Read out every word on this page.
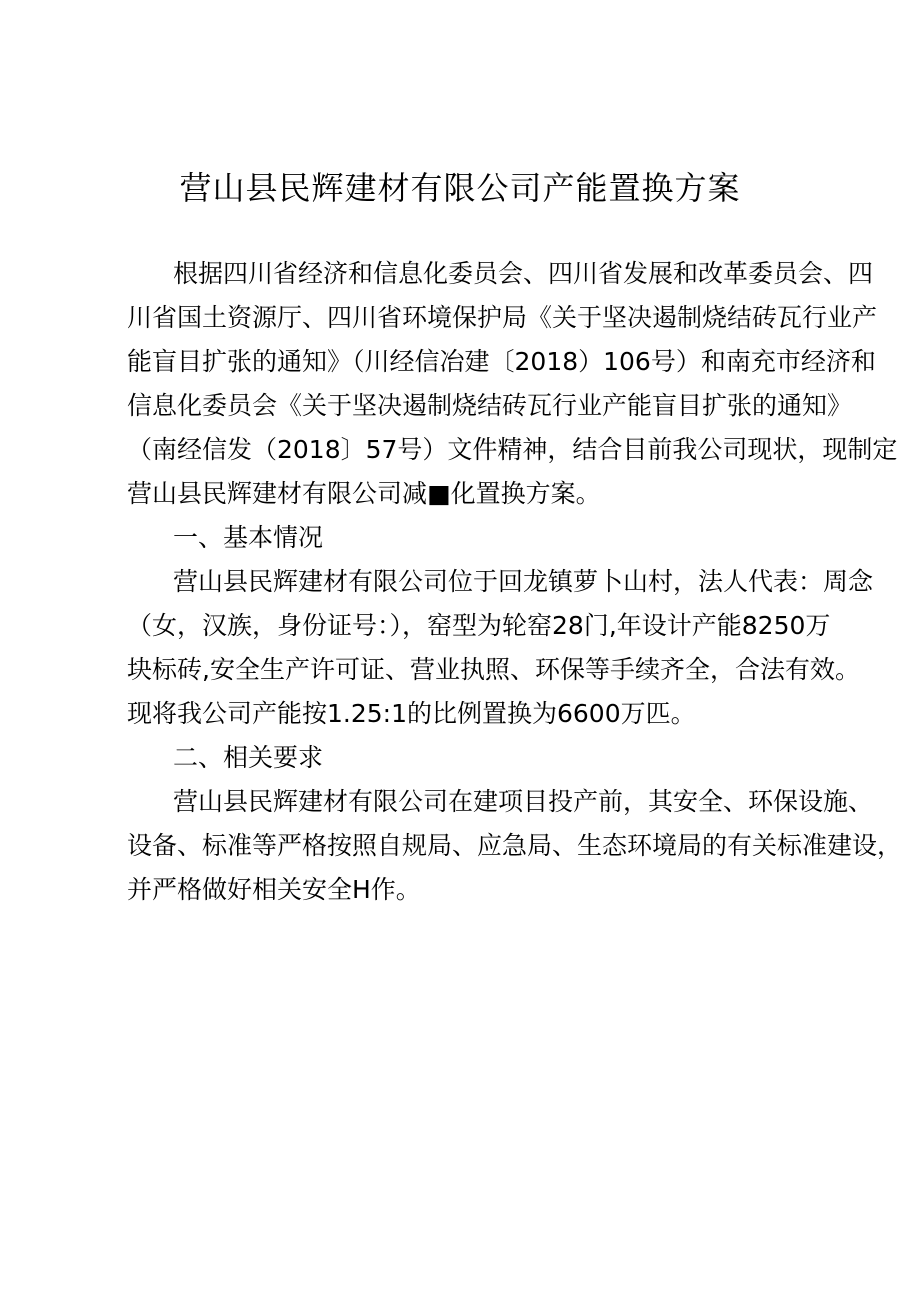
营山县民辉建材有限公司产能置换方案
根据四川省经济和信息化委员会、四川省发展和改革委员会、四
川省国土资源厅、四川省环境保护局《关于坚决遏制烧结砖瓦行业产
能盲目扩张的通知》（川经信冶建〔2018）106号）和南充市经济和
信息化委员会《关于坚决遏制烧结砖瓦行业产能盲目扩张的通知》
（南经信发（2018〕57号）文件精神，结合目前我公司现状，现制定
营山县民辉建材有限公司减■化置换方案。
一、基本情况
营山县民辉建材有限公司位于回龙镇萝卜山村，法人代表：周念
（女，汉族，身份证号：），窑型为轮窑28门,年设计产能8250万
块标砖,安全生产许可证、营业执照、环保等手续齐全，合法有效。
现将我公司产能按1.25:1的比例置换为6600万匹。
二、相关要求
营山县民辉建材有限公司在建项目投产前，其安全、环保设施、
设备、标准等严格按照自规局、应急局、生态环境局的有关标准建设，
并严格做好相关安全H作。
